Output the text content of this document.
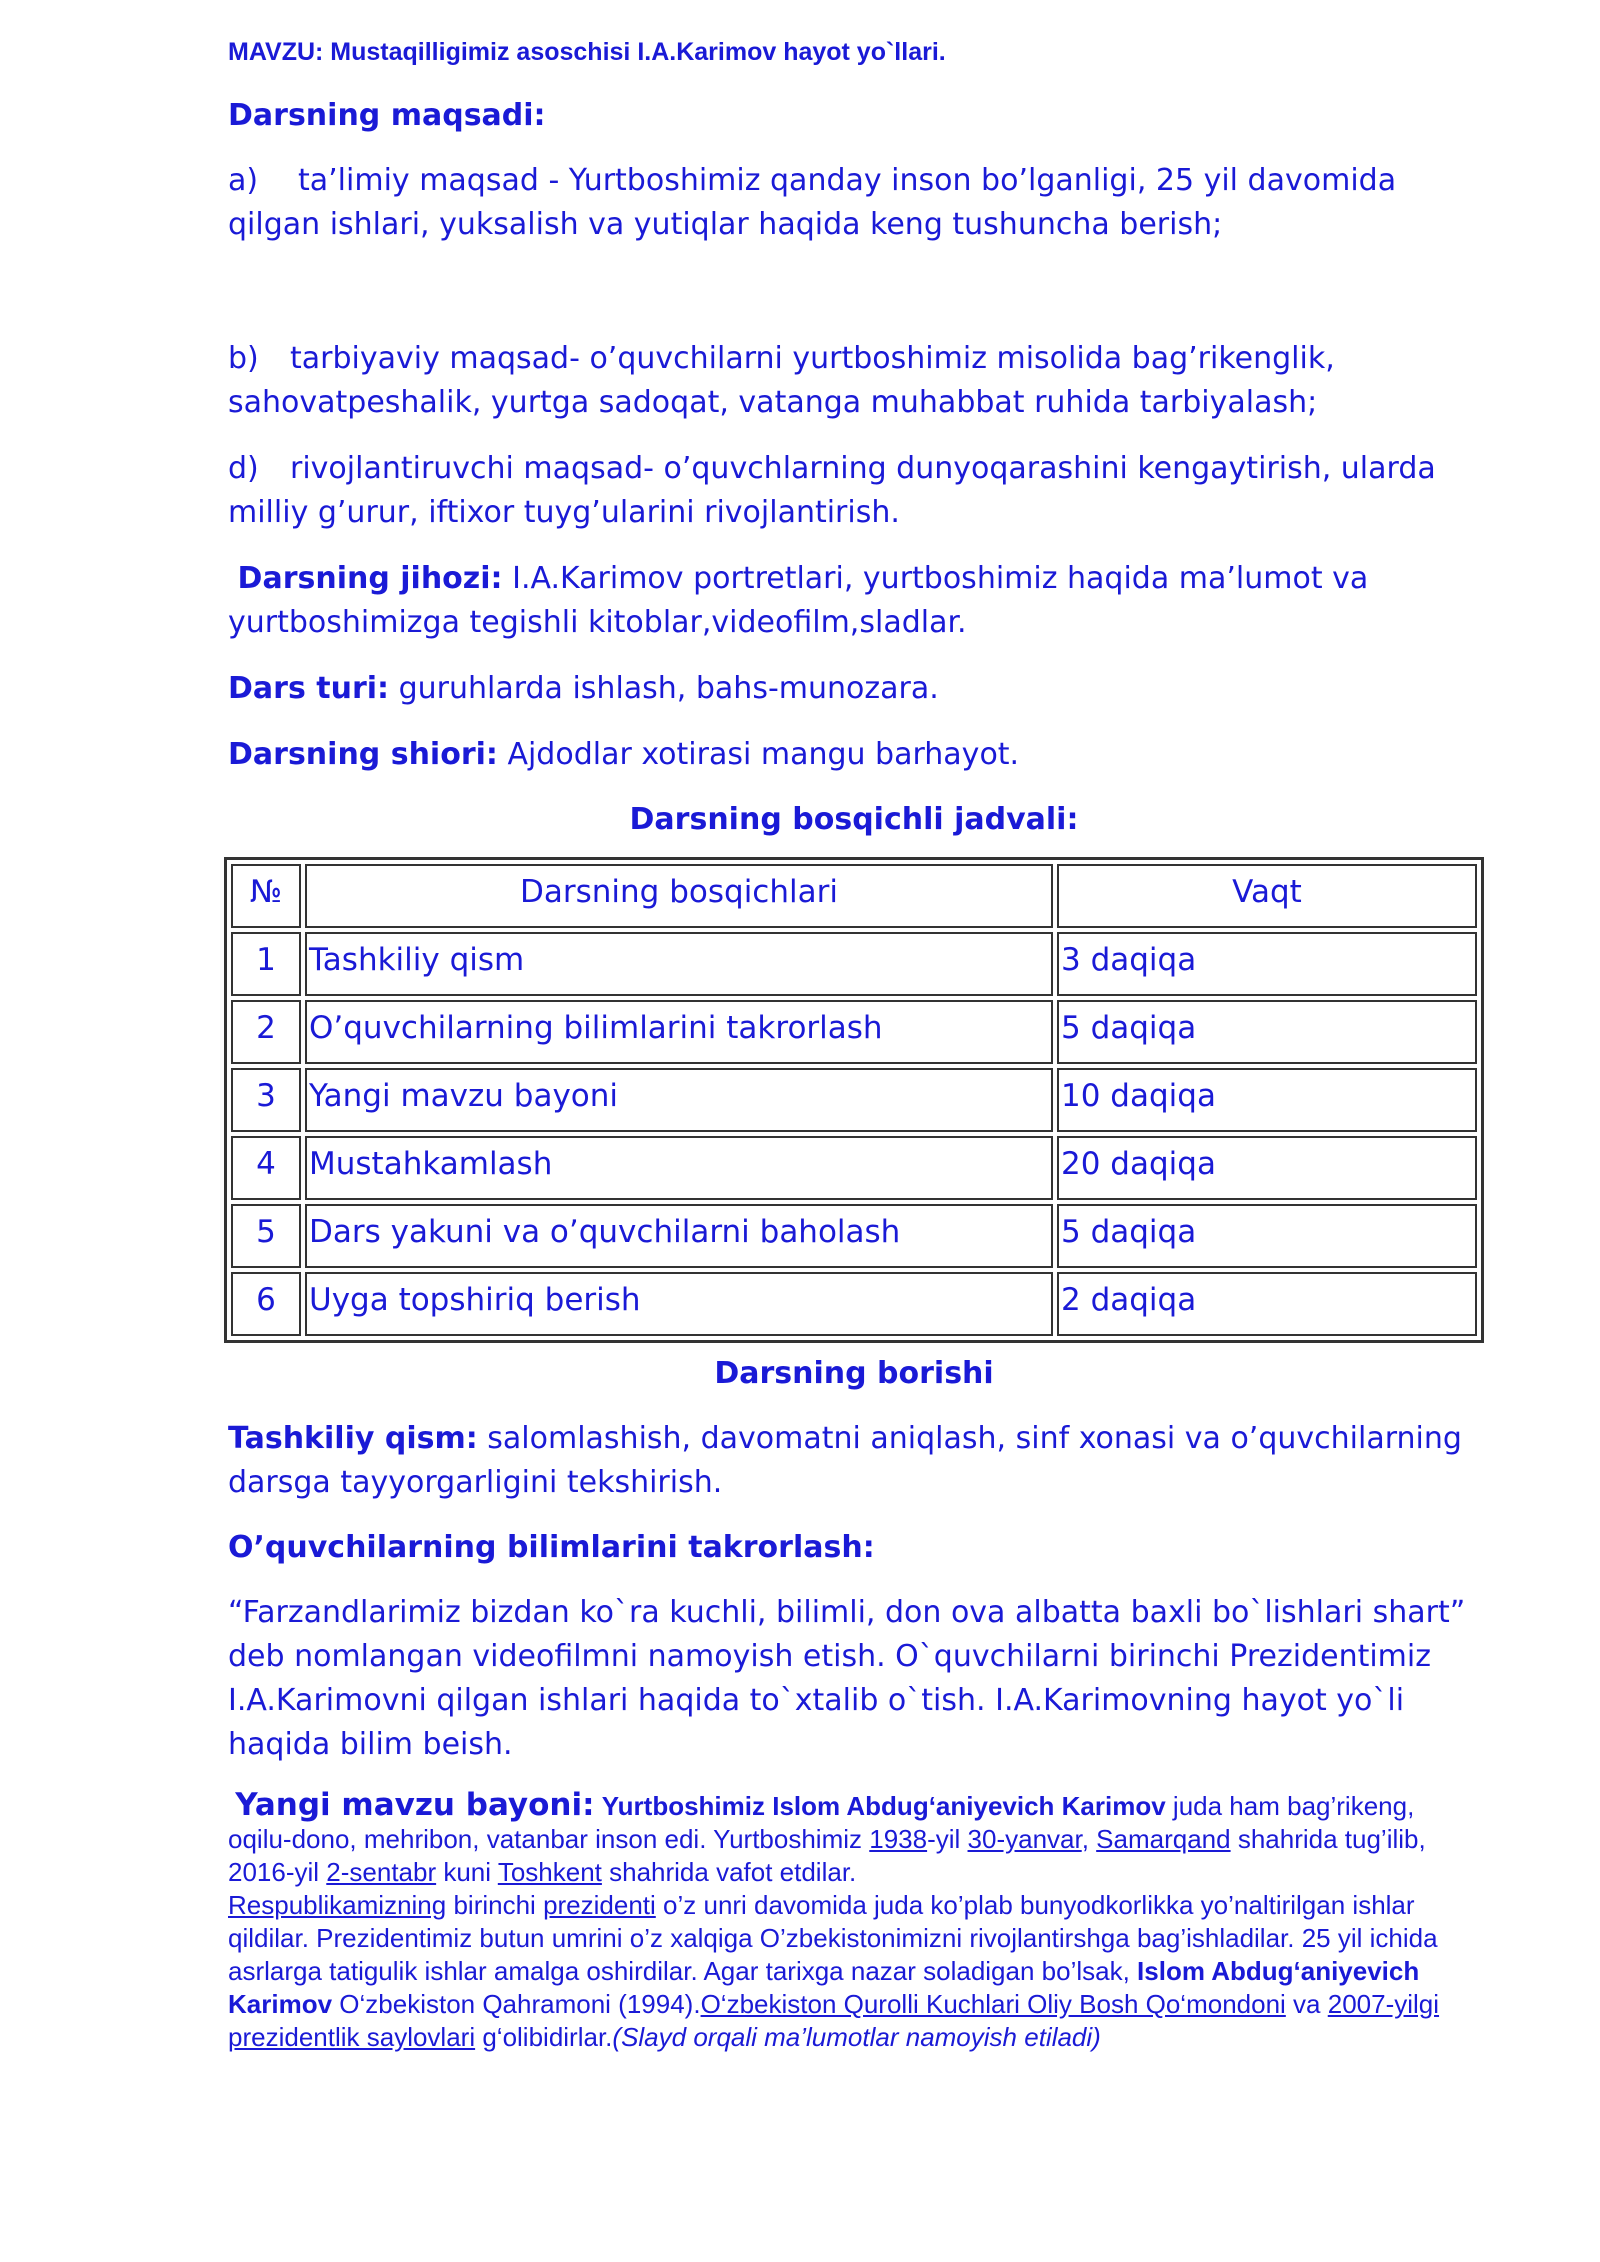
MAVZU: Mustaqilligimiz asoschisi I.A.Karimov hayot yo`llari.

Darsning maqsadi:

a) ta’limiy maqsad - Yurtboshimiz qanday inson bo’lganligi, 25 yil davomida qilgan ishlari, yuksalish va yutiqlar haqida keng tushuncha berish;

b) tarbiyaviy maqsad- o’quvchilarni yurtboshimiz misolida bag’rikenglik, sahovatpeshalik, yurtga sadoqat, vatanga muhabbat ruhida tarbiyalash;

d) rivojlantiruvchi maqsad- o’quvchlarning dunyoqarashini kengaytirish, ularda milliy g’urur, iftixor tuyg’ularini rivojlantirish.

Darsning jihozi: I.A.Karimov portretlari, yurtboshimiz haqida ma’lumot va yurtboshimizga tegishli kitoblar,videofilm,sladlar.

Dars turi: guruhlarda ishlash, bahs-munozara.

Darsning shiori: Ajdodlar xotirasi mangu barhayot.

Darsning bosqichli jadvali:

№	Darsning bosqichlari	Vaqt
1	Tashkiliy qism	3 daqiqa
2	O’quvchilarning bilimlarini takrorlash	5 daqiqa
3	Yangi mavzu bayoni	10 daqiqa
4	Mustahkamlash	20 daqiqa
5	Dars yakuni va o’quvchilarni baholash	5 daqiqa
6	Uyga topshiriq berish	2 daqiqa

Darsning borishi

Tashkiliy qism: salomlashish, davomatni aniqlash, sinf xonasi va o’quvchilarning darsga tayyorgarligini tekshirish.

O’quvchilarning bilimlarini takrorlash:

“Farzandlarimiz bizdan ko`ra kuchli, bilimli, don ova albatta baxli bo`lishlari shart” deb nomlangan videofilmni namoyish etish. O`quvchilarni birinchi Prezidentimiz I.A.Karimovni qilgan ishlari haqida to`xtalib o`tish. I.A.Karimovning hayot yo`li haqida bilim beish.

Yangi mavzu bayoni: Yurtboshimiz Islom Abdug‘aniyevich Karimov juda ham bag’rikeng, oqilu-dono, mehribon, vatanbar inson edi. Yurtboshimiz 1938-yil 30-yanvar, Samarqand shahrida tug’ilib, 2016-yil 2-sentabr kuni Toshkent shahrida vafot etdilar.
Respublikamizning birinchi prezidenti o’z unri davomida juda ko’plab bunyodkorlikka yo’naltirilgan ishlar qildilar. Prezidentimiz butun umrini o’z xalqiga O’zbekistonimizni rivojlantirshga bag’ishladilar. 25 yil ichida asrlarga tatigulik ishlar amalga oshirdilar. Agar tarixga nazar soladigan bo’lsak, Islom Abdug‘aniyevich Karimov O‘zbekiston Qahramoni (1994).O‘zbekiston Qurolli Kuchlari Oliy Bosh Qo‘mondoni va 2007-yilgi prezidentlik saylovlari g‘olibidirlar.(Slayd orqali ma’lumotlar namoyish etiladi)
